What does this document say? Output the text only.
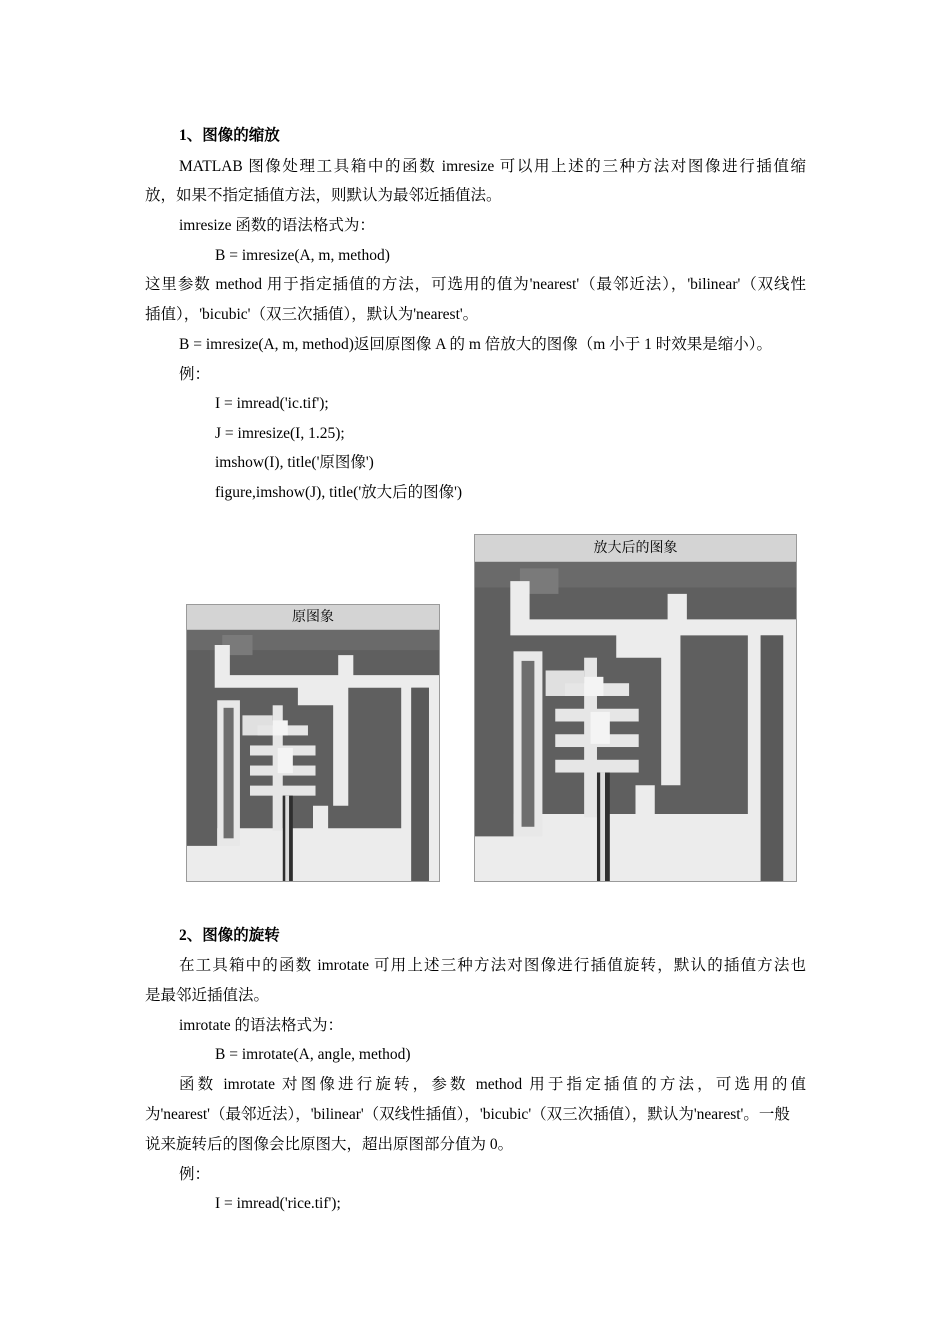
1、图像的缩放
MATLAB 图像处理工具箱中的函数 imresize 可以用上述的三种方法对图像进行插值缩
放，如果不指定插值方法，则默认为最邻近插值法。
imresize 函数的语法格式为：
B = imresize(A, m, method)
这里参数 method 用于指定插值的方法，可选用的值为'nearest'（最邻近法），'bilinear'（双线性
插值），'bicubic'（双三次插值），默认为'nearest'。
B = imresize(A, m, method)返回原图像 A 的 m 倍放大的图像（m 小于 1 时效果是缩小）。
例：
I = imread('ic.tif');
J = imresize(I, 1.25);
imshow(I), title('原图像')
figure,imshow(J), title('放大后的图像')
原图象
放大后的图象
2、图像的旋转
在工具箱中的函数 imrotate 可用上述三种方法对图像进行插值旋转，默认的插值方法也
是最邻近插值法。
imrotate 的语法格式为：
B = imrotate(A, angle, method)
函数 imrotate 对图像进行旋转，参数 method 用于指定插值的方法，可选用的值
为'nearest'（最邻近法），'bilinear'（双线性插值），'bicubic'（双三次插值），默认为'nearest'。一般
说来旋转后的图像会比原图大，超出原图部分值为 0。
例：
I = imread('rice.tif');
